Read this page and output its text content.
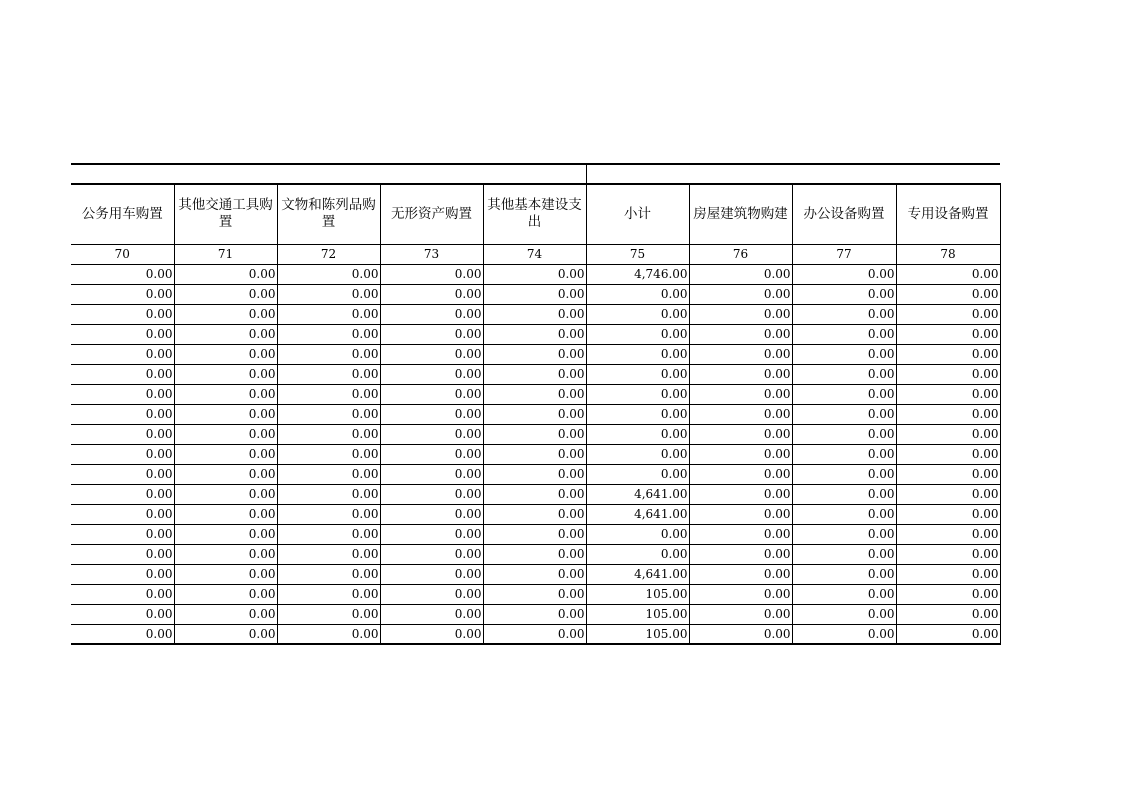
公务用车购置	其他交通工具购置	文物和陈列品购置	无形资产购置	其他基本建设支出	小计	房屋建筑物购建	办公设备购置	专用设备购置
70	71	72	73	74	75	76	77	78
0.00	0.00	0.00	0.00	0.00	4,746.00	0.00	0.00	0.00
0.00	0.00	0.00	0.00	0.00	0.00	0.00	0.00	0.00
0.00	0.00	0.00	0.00	0.00	0.00	0.00	0.00	0.00
0.00	0.00	0.00	0.00	0.00	0.00	0.00	0.00	0.00
0.00	0.00	0.00	0.00	0.00	0.00	0.00	0.00	0.00
0.00	0.00	0.00	0.00	0.00	0.00	0.00	0.00	0.00
0.00	0.00	0.00	0.00	0.00	0.00	0.00	0.00	0.00
0.00	0.00	0.00	0.00	0.00	0.00	0.00	0.00	0.00
0.00	0.00	0.00	0.00	0.00	0.00	0.00	0.00	0.00
0.00	0.00	0.00	0.00	0.00	0.00	0.00	0.00	0.00
0.00	0.00	0.00	0.00	0.00	0.00	0.00	0.00	0.00
0.00	0.00	0.00	0.00	0.00	4,641.00	0.00	0.00	0.00
0.00	0.00	0.00	0.00	0.00	4,641.00	0.00	0.00	0.00
0.00	0.00	0.00	0.00	0.00	0.00	0.00	0.00	0.00
0.00	0.00	0.00	0.00	0.00	0.00	0.00	0.00	0.00
0.00	0.00	0.00	0.00	0.00	4,641.00	0.00	0.00	0.00
0.00	0.00	0.00	0.00	0.00	105.00	0.00	0.00	0.00
0.00	0.00	0.00	0.00	0.00	105.00	0.00	0.00	0.00
0.00	0.00	0.00	0.00	0.00	105.00	0.00	0.00	0.00
